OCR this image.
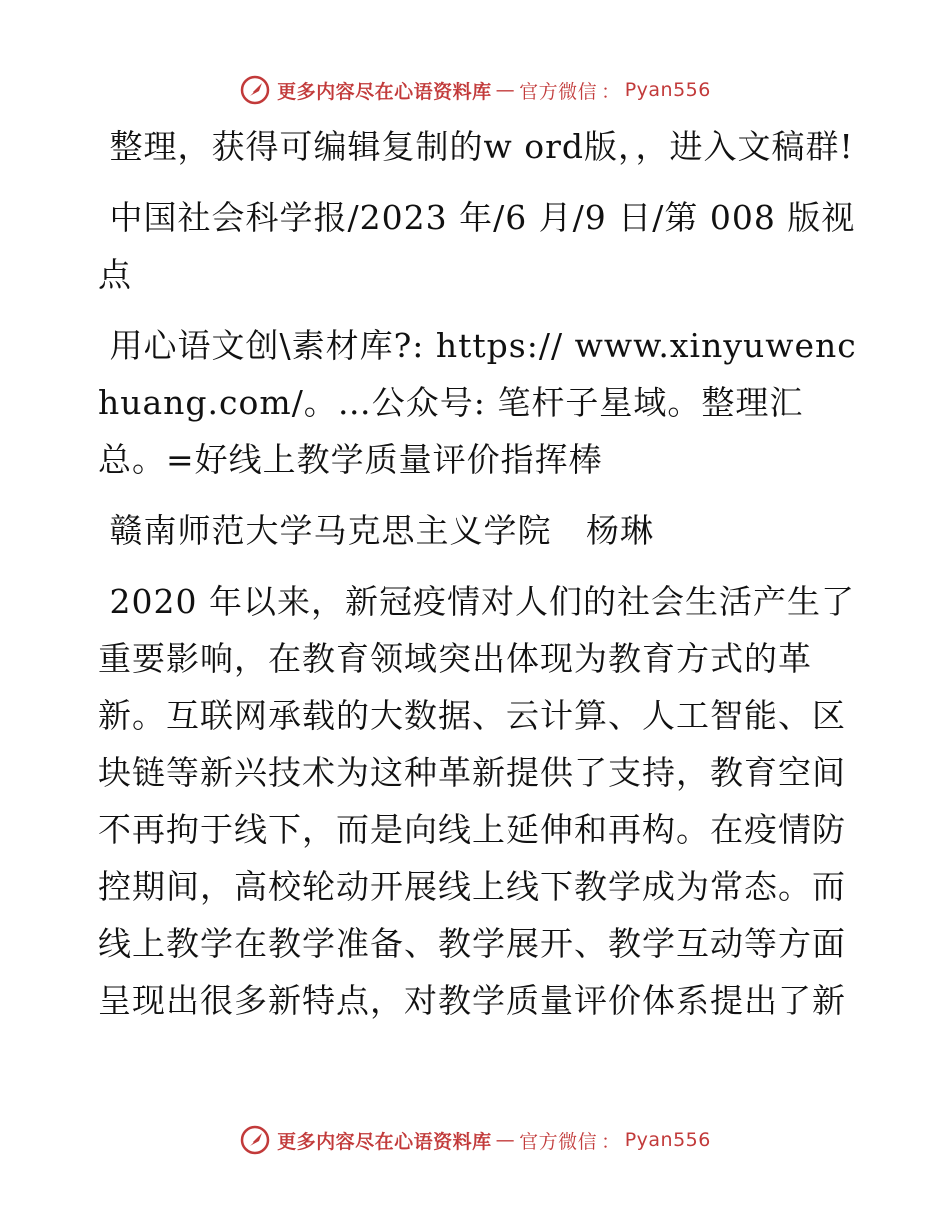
更多内容尽在心语资料库 — 官方微信 ： Pyan556

整理，获得可编辑复制的w ord版，，进入文稿群!

中国社会科学报/2023 年/6 月/9 日/第 008 版视点

用心语文创\素材库?: https:// www.xinyuwenchuang.com/。…公众号: 笔杆子星域。整理汇总。=好线上教学质量评价指挥棒

赣南师范大学马克思主义学院   杨琳

2020 年以来，新冠疫情对人们的社会生活产生了重要影响，在教育领域突出体现为教育方式的革新。互联网承载的大数据、云计算、人工智能、区块链等新兴技术为这种革新提供了支持，教育空间不再拘于线下，而是向线上延伸和再构。在疫情防控期间，高校轮动开展线上线下教学成为常态。而线上教学在教学准备、教学展开、教学互动等方面呈现出很多新特点，对教学质量评价体系提出了新

更多内容尽在心语资料库 — 官方微信 ： Pyan556
